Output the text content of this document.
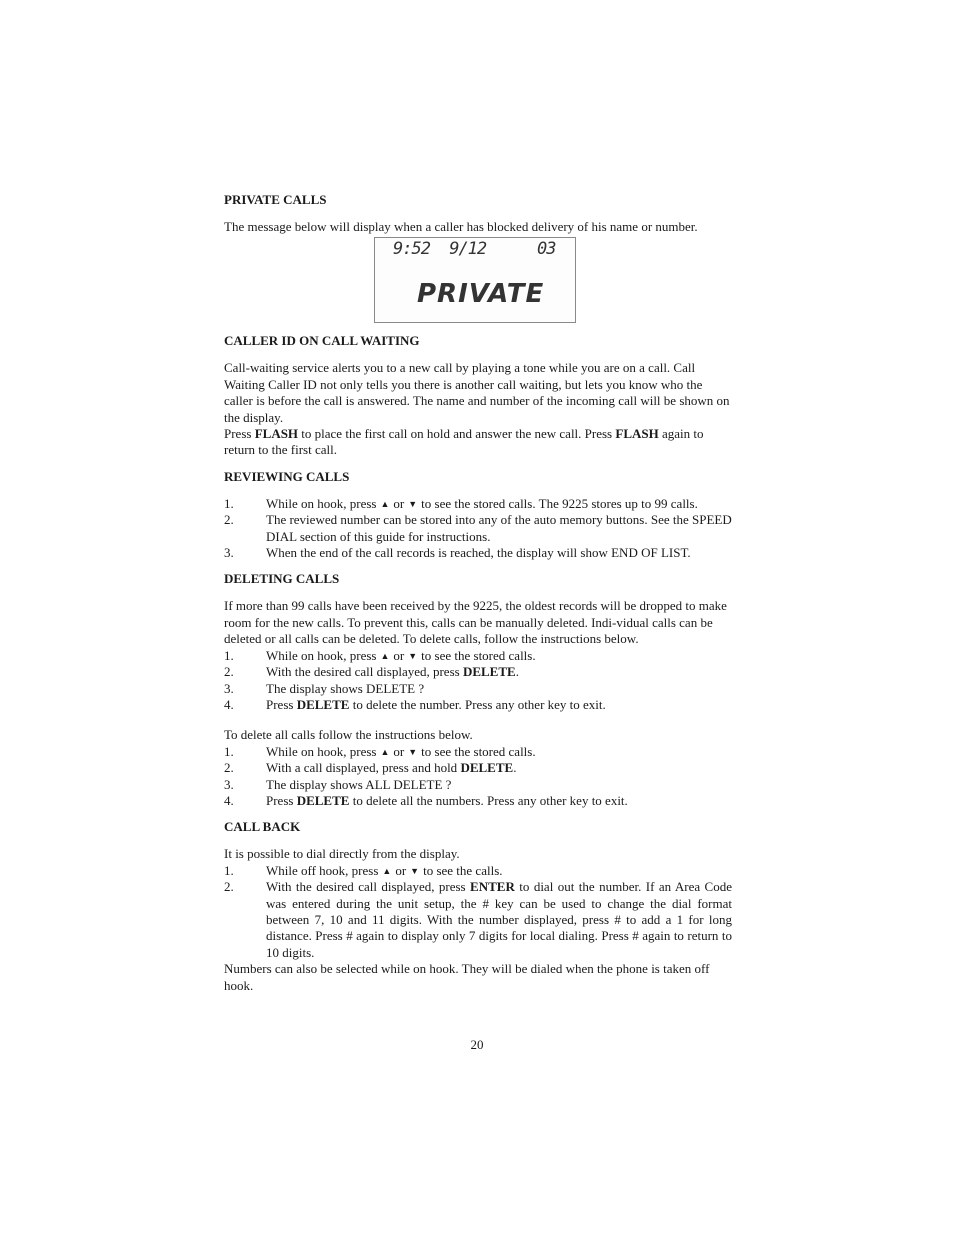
PRIVATE CALLS

The message below will display when a caller has blocked delivery of his name or number.

9:52 9/12	03
PRIVATE
CALLER ID ON CALL WAITING

Call-waiting service alerts you to a new call by playing a tone while you are on a call. Call Waiting Caller ID not only tells you there is another call waiting, but lets you know who the caller is before the call is answered. The name and number of the incoming call will be shown on the display.

Press FLASH to place the first call on hold and answer the new call. Press FLASH again to return to the first call.

REVIEWING CALLS
1. While on hook, press ▲ or ▼ to see the stored calls. The 9225 stores up to 99 calls.
2. The reviewed number can be stored into any of the auto memory buttons. See the SPEED DIAL section of this guide for instructions.
3. When the end of the call records is reached, the display will show END OF LIST.
DELETING CALLS

If more than 99 calls have been received by the 9225, the oldest records will be dropped to make room for the new calls. To prevent this, calls can be manually deleted. Indi-vidual calls can be deleted or all calls can be deleted. To delete calls, follow the instructions below.

1. While on hook, press ▲ or ▼ to see the stored calls.
2. With the desired call displayed, press DELETE.
3. The display shows DELETE ?
4. Press DELETE to delete the number. Press any other key to exit.

To delete all calls follow the instructions below.

1. While on hook, press ▲ or ▼ to see the stored calls.
2. With a call displayed, press and hold DELETE.
3. The display shows ALL DELETE ?
4. Press DELETE to delete all the numbers. Press any other key to exit.
CALL BACK

It is possible to dial directly from the display.

1. While off hook, press ▲ or ▼ to see the calls.
2. With the desired call displayed, press ENTER to dial out the number. If an Area Code was entered during the unit setup, the # key can be used to change the dial format between 7, 10 and 11 digits. With the number displayed, press # to add a 1 for long distance. Press # again to display only 7 digits for local dialing. Press # again to return to 10 digits.

Numbers can also be selected while on hook. They will be dialed when the phone is taken off hook.

20
